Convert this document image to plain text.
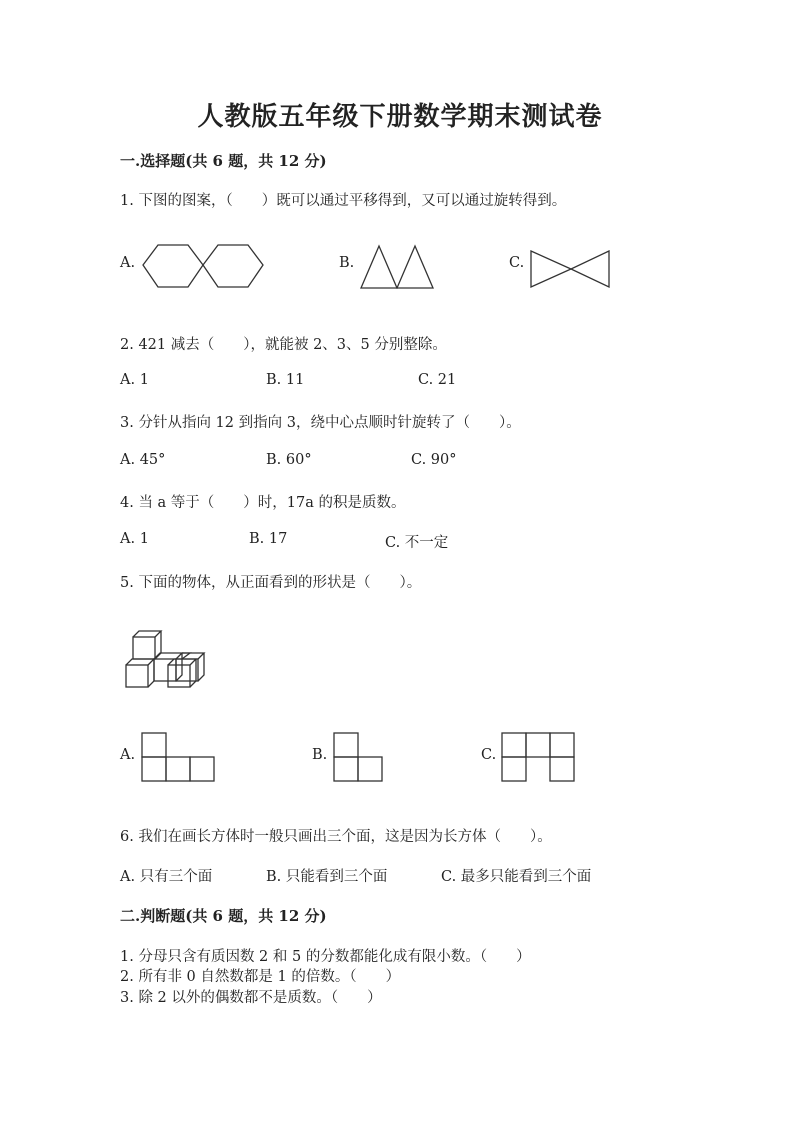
人教版五年级下册数学期末测试卷
一.选择题(共 6 题，共 12 分)
1. 下图的图案，（　　）既可以通过平移得到，又可以通过旋转得到。
A.	B.	C.
2. 421 减去（　　），就能被 2、3、5 分别整除。
A. 1	B. 11	C. 21
3. 分针从指向 12 到指向 3，绕中心点顺时针旋转了（　　）。
A. 45°	B. 60°	C. 90°
4. 当 a 等于（　　）时，17a 的积是质数。
A. 1	B. 17	C. 不一定
5. 下面的物体，从正面看到的形状是（　　）。
A.	B.	C.
6. 我们在画长方体时一般只画出三个面，这是因为长方体（　　）。
A. 只有三个面	B. 只能看到三个面	C. 最多只能看到三个面
二.判断题(共 6 题，共 12 分)
1. 分母只含有质因数 2 和 5 的分数都能化成有限小数。（　　）
2. 所有非 0 自然数都是 1 的倍数。（　　）
3. 除 2 以外的偶数都不是质数。（　　）
